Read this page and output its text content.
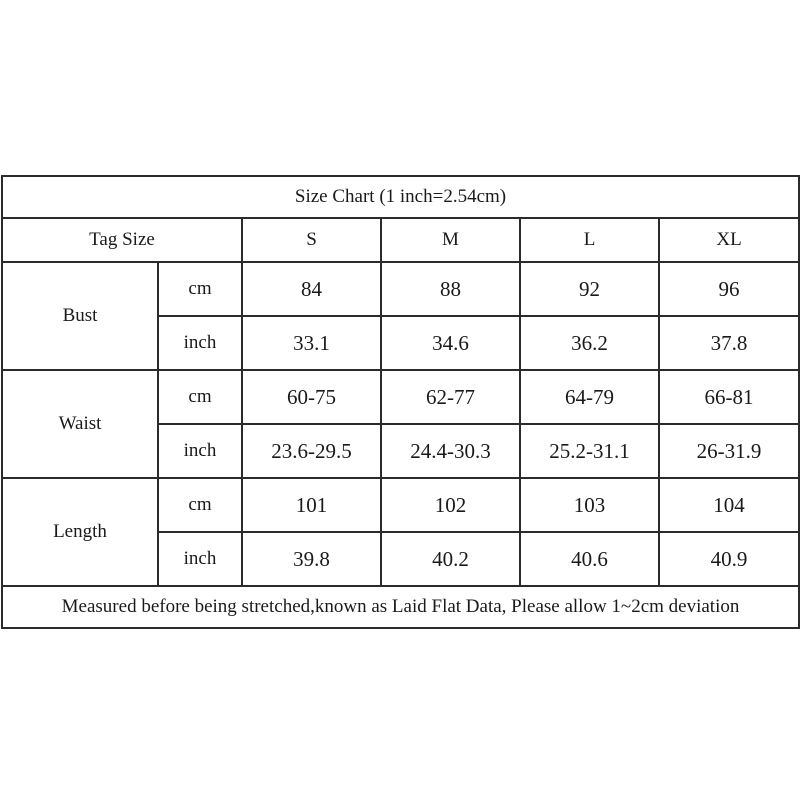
Size Chart (1 inch=2.54cm)					
Tag Size		S	M	L	XL
Bust	cm	84	88	92	96
	inch	33.1	34.6	36.2	37.8
Waist	cm	60-75	62-77	64-79	66-81
	inch	23.6-29.5	24.4-30.3	25.2-31.1	26-31.9
Length	cm	101	102	103	104
	inch	39.8	40.2	40.6	40.9
Measured before being stretched,known as Laid Flat Data, Please allow 1~2cm deviation					
